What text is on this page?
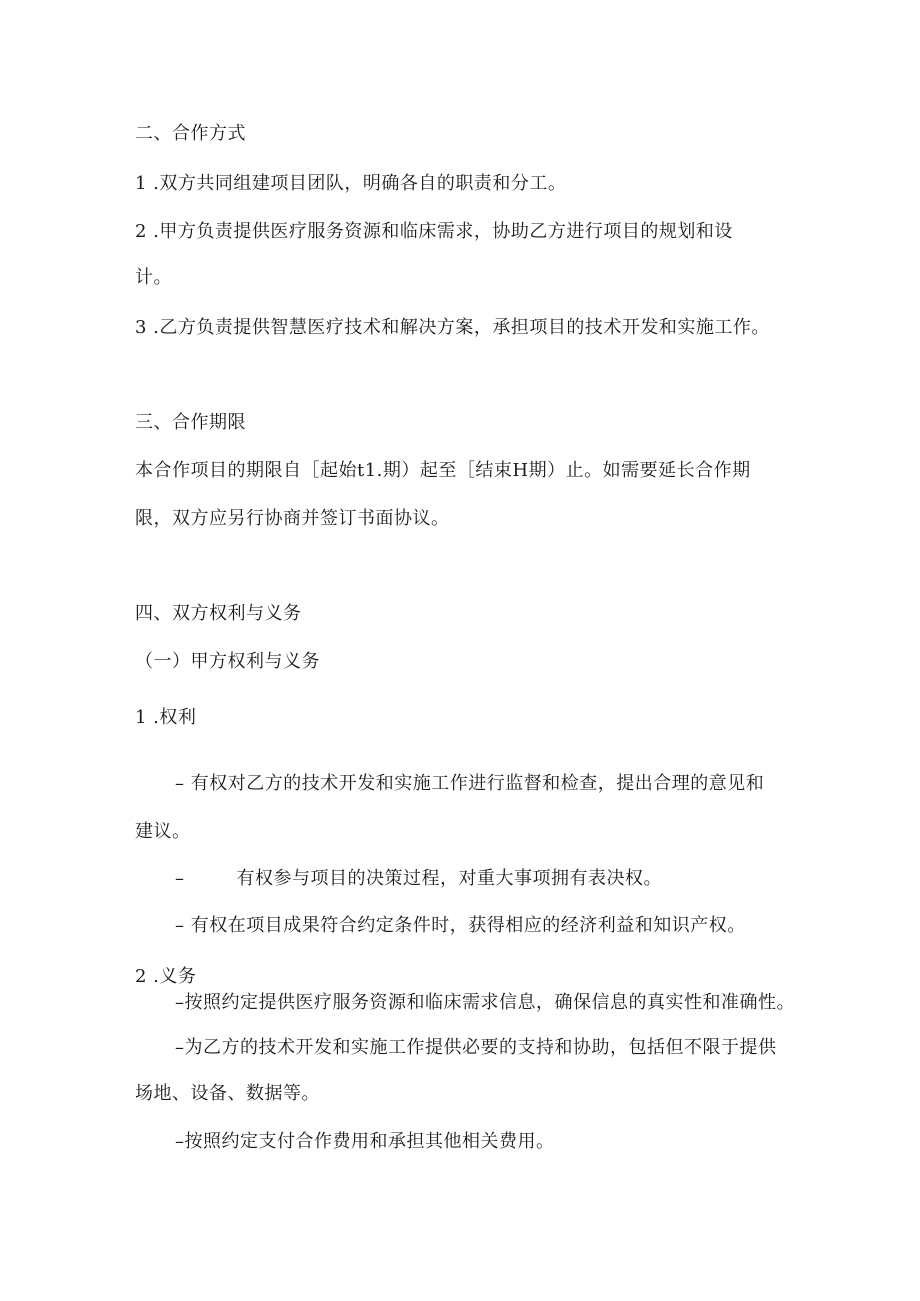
二、合作方式
1 .双方共同组建项目团队，明确各自的职责和分工。
2 .甲方负责提供医疗服务资源和临床需求，协助乙方进行项目的规划和设
计。
3 .乙方负责提供智慧医疗技术和解决方案，承担项目的技术开发和实施工作。
三、合作期限
本合作项目的期限自［起始t1.期）起至［结束H期）止。如需要延长合作期
限，双方应另行协商并签订书面协议。
四、双方权利与义务
（一）甲方权利与义务
1 .权利
– 有权对乙方的技术开发和实施工作进行监督和检查，提出合理的意见和
建议。
–	有权参与项目的决策过程，对重大事项拥有表决权。
– 有权在项目成果符合约定条件时，获得相应的经济利益和知识产权。
2 .义务
–按照约定提供医疗服务资源和临床需求信息，确保信息的真实性和准确性。
–为乙方的技术开发和实施工作提供必要的支持和协助，包括但不限于提供
场地、设备、数据等。
–按照约定支付合作费用和承担其他相关费用。
